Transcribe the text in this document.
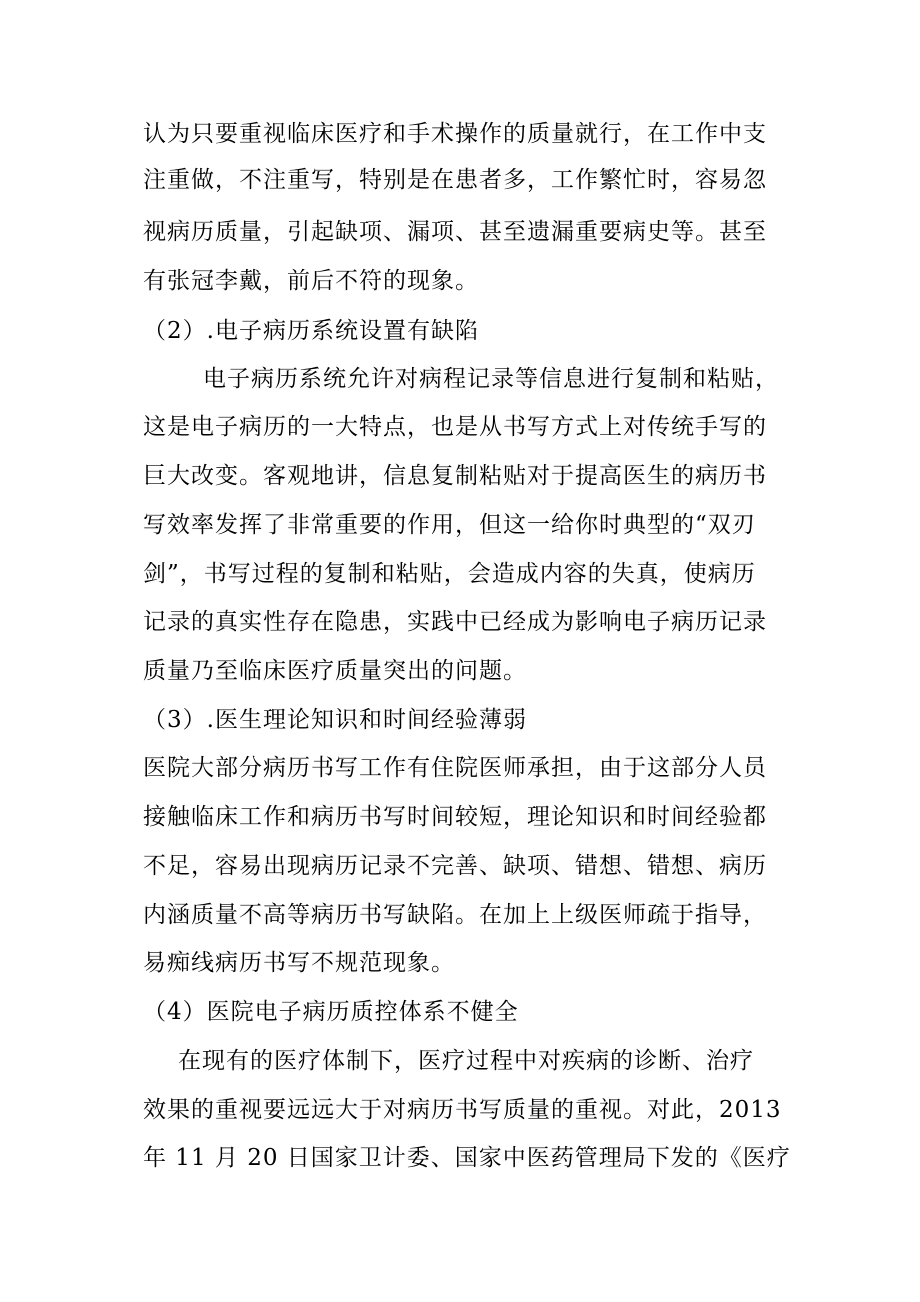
认为只要重视临床医疗和手术操作的质量就行，在工作中支
注重做，不注重写，特别是在患者多，工作繁忙时，容易忽
视病历质量，引起缺项、漏项、甚至遗漏重要病史等。甚至
有张冠李戴，前后不符的现象。
（2）.电子病历系统设置有缺陷
电子病历系统允许对病程记录等信息进行复制和粘贴，
这是电子病历的一大特点，也是从书写方式上对传统手写的
巨大改变。客观地讲，信息复制粘贴对于提高医生的病历书
写效率发挥了非常重要的作用，但这一给你时典型的“双刃
剑”，书写过程的复制和粘贴，会造成内容的失真，使病历
记录的真实性存在隐患，实践中已经成为影响电子病历记录
质量乃至临床医疗质量突出的问题。
（3）.医生理论知识和时间经验薄弱
医院大部分病历书写工作有住院医师承担，由于这部分人员
接触临床工作和病历书写时间较短，理论知识和时间经验都
不足，容易出现病历记录不完善、缺项、错想、错想、病历
内涵质量不高等病历书写缺陷。在加上上级医师疏于指导，
易痴线病历书写不规范现象。
（4）医院电子病历质控体系不健全
在现有的医疗体制下，医疗过程中对疾病的诊断、治疗
效果的重视要远远大于对病历书写质量的重视。对此，2013
年 11 月 20 日国家卫计委、国家中医药管理局下发的《医疗
